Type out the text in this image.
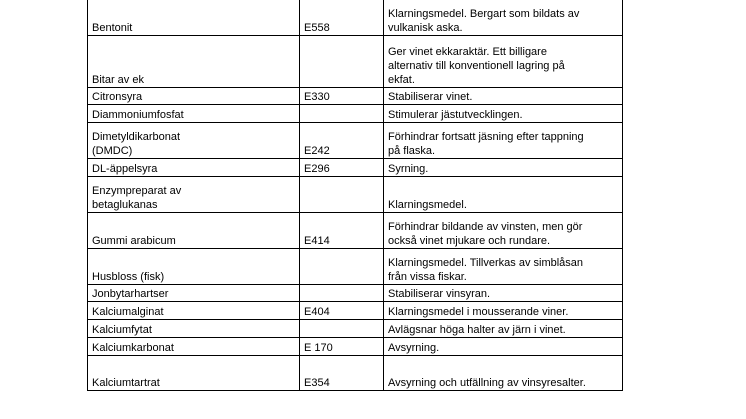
Bentonit	E558	Klarningsmedel. Bergart som bildats av
vulkanisk aska.
Bitar av ek		Ger vinet ekkaraktär. Ett billigare
alternativ till konventionell lagring på
ekfat.
Citronsyra	E330	Stabiliserar vinet.
Diammoniumfosfat		Stimulerar jästutvecklingen.
Dimetyldikarbonat
(DMDC)	E242	Förhindrar fortsatt jäsning efter tappning
på flaska.
DL-äppelsyra	E296	Syrning.
Enzympreparat av
betaglukanas		Klarningsmedel.
Gummi arabicum	E414	Förhindrar bildande av vinsten, men gör
också vinet mjukare och rundare.
Husbloss (fisk)		Klarningsmedel. Tillverkas av simblåsan
från vissa fiskar.
Jonbytarhartser		Stabiliserar vinsyran.
Kalciumalginat	E404	Klarningsmedel i mousserande viner.
Kalciumfytat		Avlägsnar höga halter av järn i vinet.
Kalciumkarbonat	E 170	Avsyrning.
Kalciumtartrat	E354	Avsyrning och utfällning av vinsyresalter.
